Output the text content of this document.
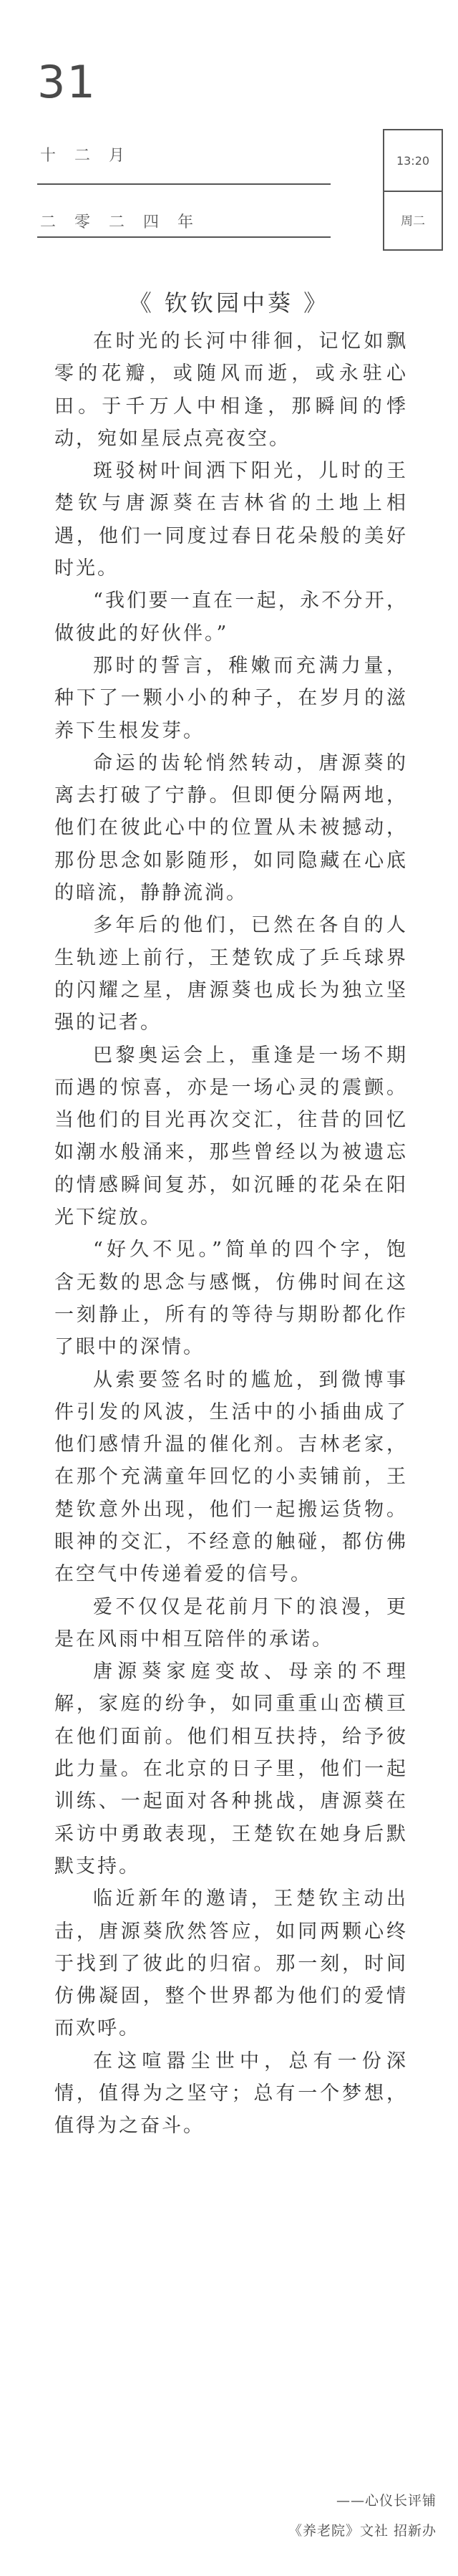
31
十二月
二零二四年
13:20
周二
《 钦钦园中葵 》

在时光的长河中徘徊，记忆如飘零的花瓣，或随风而逝，或永驻心田。于千万人中相逢，那瞬间的悸动，宛如星辰点亮夜空。

斑驳树叶间洒下阳光，儿时的王楚钦与唐源葵在吉林省的土地上相遇，他们一同度过春日花朵般的美好时光。

“我们要一直在一起，永不分开，做彼此的好伙伴。”

那时的誓言，稚嫩而充满力量，种下了一颗小小的种子，在岁月的滋养下生根发芽。

命运的齿轮悄然转动，唐源葵的离去打破了宁静。但即便分隔两地，他们在彼此心中的位置从未被撼动，那份思念如影随形，如同隐藏在心底的暗流，静静流淌。

多年后的他们，已然在各自的人生轨迹上前行，王楚钦成了乒乓球界的闪耀之星，唐源葵也成长为独立坚强的记者。

巴黎奥运会上，重逢是一场不期而遇的惊喜，亦是一场心灵的震颤。当他们的目光再次交汇，往昔的回忆如潮水般涌来，那些曾经以为被遗忘的情感瞬间复苏，如沉睡的花朵在阳光下绽放。

“好久不见。”简单的四个字，饱含无数的思念与感慨，仿佛时间在这一刻静止，所有的等待与期盼都化作了眼中的深情。

从索要签名时的尴尬，到微博事件引发的风波，生活中的小插曲成了他们感情升温的催化剂。吉林老家，在那个充满童年回忆的小卖铺前，王楚钦意外出现，他们一起搬运货物。眼神的交汇，不经意的触碰，都仿佛在空气中传递着爱的信号。

爱不仅仅是花前月下的浪漫，更是在风雨中相互陪伴的承诺。

唐源葵家庭变故、母亲的不理解，家庭的纷争，如同重重山峦横亘在他们面前。他们相互扶持，给予彼此力量。在北京的日子里，他们一起训练、一起面对各种挑战，唐源葵在采访中勇敢表现，王楚钦在她身后默默支持。

临近新年的邀请，王楚钦主动出击，唐源葵欣然答应，如同两颗心终于找到了彼此的归宿。那一刻，时间仿佛凝固，整个世界都为他们的爱情而欢呼。

在这喧嚣尘世中，总有一份深情，值得为之坚守；总有一个梦想，值得为之奋斗。

——心仪长评铺
《养老院》文社 招新办
